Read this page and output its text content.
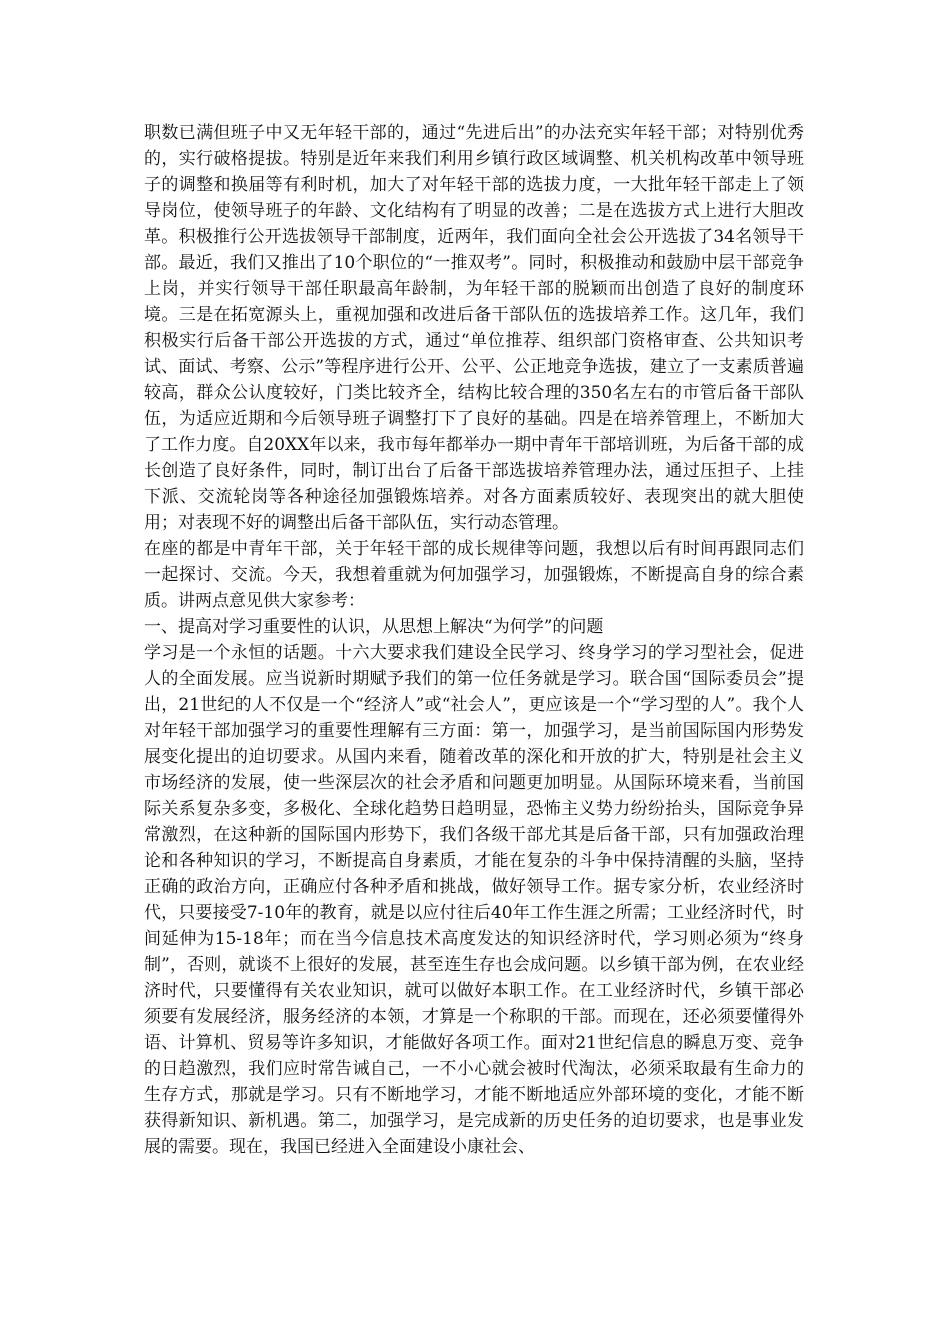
职数已满但班子中又无年轻干部的，通过“先进后出”的办法充实年轻干部；对特别优秀的，实行破格提拔。特别是近年来我们利用乡镇行政区域调整、机关机构改革中领导班子的调整和换届等有利时机，加大了对年轻干部的选拔力度，一大批年轻干部走上了领导岗位，使领导班子的年龄、文化结构有了明显的改善；二是在选拔方式上进行大胆改革。积极推行公开选拔领导干部制度，近两年，我们面向全社会公开选拔了34名领导干部。最近，我们又推出了10个职位的“一推双考”。同时，积极推动和鼓励中层干部竞争上岗，并实行领导干部任职最高年龄制，为年轻干部的脱颖而出创造了良好的制度环境。三是在拓宽源头上，重视加强和改进后备干部队伍的选拔培养工作。这几年，我们积极实行后备干部公开选拔的方式，通过“单位推荐、组织部门资格审查、公共知识考试、面试、考察、公示”等程序进行公开、公平、公正地竞争选拔，建立了一支素质普遍较高，群众公认度较好，门类比较齐全，结构比较合理的350名左右的市管后备干部队伍，为适应近期和今后领导班子调整打下了良好的基础。四是在培养管理上，不断加大了工作力度。自20XX年以来，我市每年都举办一期中青年干部培训班，为后备干部的成长创造了良好条件，同时，制订出台了后备干部选拔培养管理办法，通过压担子、上挂下派、交流轮岗等各种途径加强锻炼培养。对各方面素质较好、表现突出的就大胆使用；对表现不好的调整出后备干部队伍，实行动态管理。

在座的都是中青年干部，关于年轻干部的成长规律等问题，我想以后有时间再跟同志们一起探讨、交流。今天，我想着重就为何加强学习，加强锻炼，不断提高自身的综合素质。讲两点意见供大家参考：

一、提高对学习重要性的认识，从思想上解决“为何学”的问题

学习是一个永恒的话题。十六大要求我们建设全民学习、终身学习的学习型社会，促进人的全面发展。应当说新时期赋予我们的第一位任务就是学习。联合国“国际委员会”提出，21世纪的人不仅是一个“经济人”或“社会人”，更应该是一个“学习型的人”。我个人对年轻干部加强学习的重要性理解有三方面：第一，加强学习，是当前国际国内形势发展变化提出的迫切要求。从国内来看，随着改革的深化和开放的扩大，特别是社会主义市场经济的发展，使一些深层次的社会矛盾和问题更加明显。从国际环境来看，当前国际关系复杂多变，多极化、全球化趋势日趋明显，恐怖主义势力纷纷抬头，国际竞争异常激烈，在这种新的国际国内形势下，我们各级干部尤其是后备干部，只有加强政治理论和各种知识的学习，不断提高自身素质，才能在复杂的斗争中保持清醒的头脑，坚持正确的政治方向，正确应付各种矛盾和挑战，做好领导工作。据专家分析，农业经济时代，只要接受7-10年的教育，就是以应付往后40年工作生涯之所需；工业经济时代，时间延伸为15-18年；而在当今信息技术高度发达的知识经济时代，学习则必须为“终身制”，否则，就谈不上很好的发展，甚至连生存也会成问题。以乡镇干部为例，在农业经济时代，只要懂得有关农业知识，就可以做好本职工作。在工业经济时代，乡镇干部必须要有发展经济，服务经济的本领，才算是一个称职的干部。而现在，还必须要懂得外语、计算机、贸易等许多知识，才能做好各项工作。面对21世纪信息的瞬息万变、竞争的日趋激烈，我们应时常告诫自己，一不小心就会被时代淘汰，必须采取最有生命力的生存方式，那就是学习。只有不断地学习，才能不断地适应外部环境的变化，才能不断获得新知识、新机遇。第二，加强学习，是完成新的历史任务的迫切要求，也是事业发展的需要。现在，我国已经进入全面建设小康社会、
